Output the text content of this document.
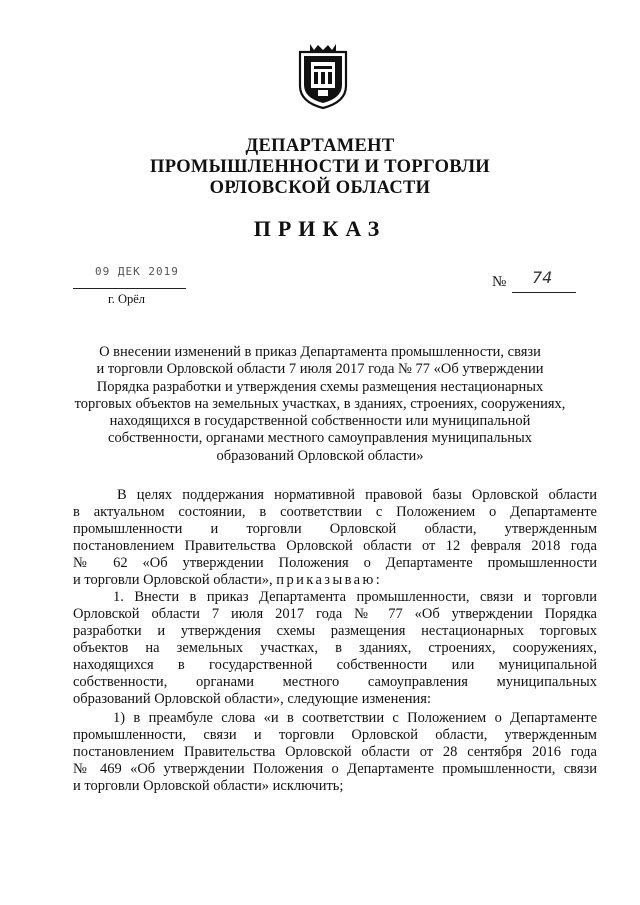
ДЕПАРТАМЕНТ
ПРОМЫШЛЕННОСТИ И ТОРГОВЛИ
ОРЛОВСКОЙ ОБЛАСТИ
ПРИКАЗ
09 ДЕК 2019
г. Орёл
№ 74
О внесении изменений в приказ Департамента промышленности, связи
и торговли Орловской области 7 июля 2017 года № 77 «Об утверждении
Порядка разработки и утверждения схемы размещения нестационарных
торговых объектов на земельных участках, в зданиях, строениях, сооружениях,
находящихся в государственной собственности или муниципальной
собственности, органами местного самоуправления муниципальных
образований Орловской области»
В целях поддержания нормативной правовой базы Орловской области
в актуальном состоянии, в соответствии с Положением о Департаменте
промышленности и торговли Орловской области, утвержденным
постановлением Правительства Орловской области от 12 февраля 2018 года
№ 62 «Об утверждении Положения о Департаменте промышленности
и торговли Орловской области», приказываю:
1. Внести в приказ Департамента промышленности, связи и торговли
Орловской области 7 июля 2017 года № 77 «Об утверждении Порядка
разработки и утверждения схемы размещения нестационарных торговых
объектов на земельных участках, в зданиях, строениях, сооружениях,
находящихся в государственной собственности или муниципальной
собственности, органами местного самоуправления муниципальных
образований Орловской области», следующие изменения:
1) в преамбуле слова «и в соответствии с Положением о Департаменте
промышленности, связи и торговли Орловской области, утвержденным
постановлением Правительства Орловской области от 28 сентября 2016 года
№ 469 «Об утверждении Положения о Департаменте промышленности, связи
и торговли Орловской области» исключить;
